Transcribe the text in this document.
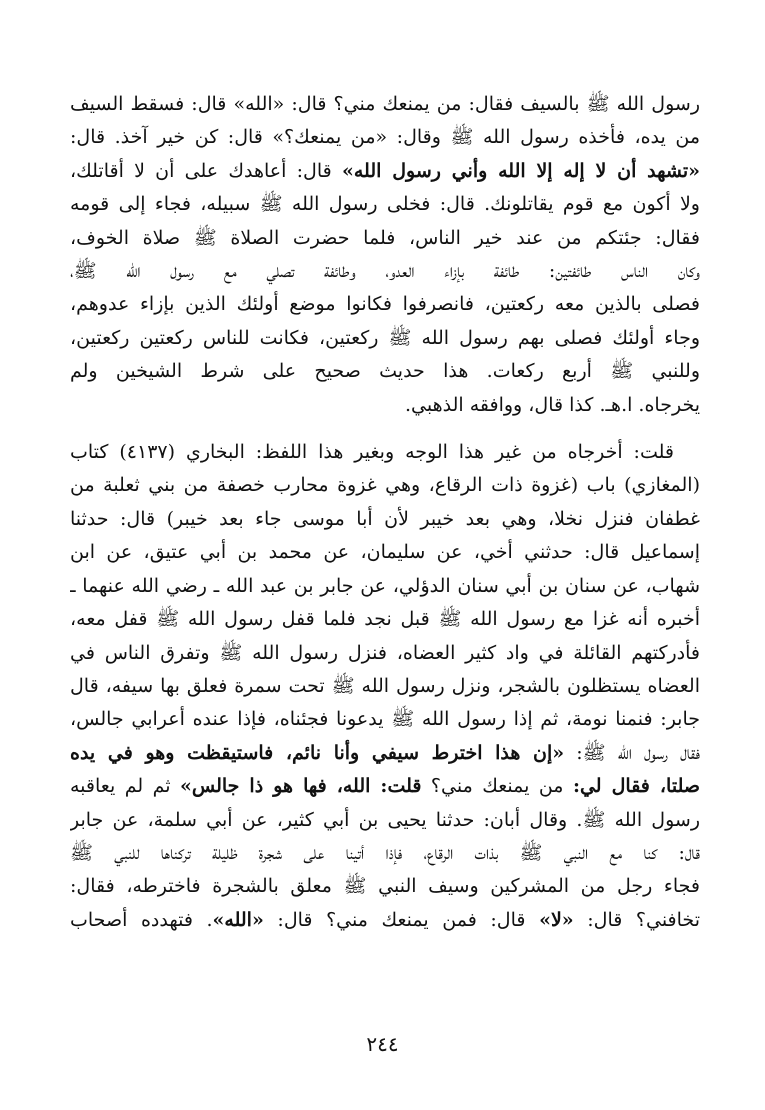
رسول الله ﷺ بالسيف فقال: من يمنعك مني؟ قال: «الله» قال: فسقط السيف
من يده، فأخذه رسول الله ﷺ وقال: «من يمنعك؟» قال: كن خير آخذ. قال:
«تشهد أن لا إله إلا الله وأني رسول الله» قال: أعاهدك على أن لا أقاتلك،
ولا أكون مع قوم يقاتلونك. قال: فخلى رسول الله ﷺ سبيله، فجاء إلى قومه
فقال: جئتكم من عند خير الناس، فلما حضرت الصلاة ﷺ صلاة الخوف،
وكان الناس طائفتين: طائفة بإزاء العدو، وطائفة تصلي مع رسول الله ﷺ،
فصلى بالذين معه ركعتين، فانصرفوا فكانوا موضع أولئك الذين بإزاء عدوهم،
وجاء أولئك فصلى بهم رسول الله ﷺ ركعتين، فكانت للناس ركعتين ركعتين،
وللنبي ﷺ أربع ركعات. هذا حديث صحيح على شرط الشيخين ولم
يخرجاه. ا.هـ. كذا قال، ووافقه الذهبي.
قلت: أخرجاه من غير هذا الوجه وبغير هذا اللفظ: البخاري (٤١٣٧) كتاب
(المغازي) باب (غزوة ذات الرقاع، وهي غزوة محارب خصفة من بني ثعلبة من
غطفان فنزل نخلا، وهي بعد خيبر لأن أبا موسى جاء بعد خيبر) قال: حدثنا
إسماعيل قال: حدثني أخي، عن سليمان، عن محمد بن أبي عتيق، عن ابن
شهاب، عن سنان بن أبي سنان الدؤلي، عن جابر بن عبد الله ـ رضي الله عنهما ـ
أخبره أنه غزا مع رسول الله ﷺ قبل نجد فلما قفل رسول الله ﷺ قفل معه،
فأدركتهم القائلة في واد كثير العضاه، فنزل رسول الله ﷺ وتفرق الناس في
العضاه يستظلون بالشجر، ونزل رسول الله ﷺ تحت سمرة فعلق بها سيفه، قال
جابر: فنمنا نومة، ثم إذا رسول الله ﷺ يدعونا فجئناه، فإذا عنده أعرابي جالس،
فقال رسول الله ﷺ: «إن هذا اخترط سيفي وأنا نائم، فاستيقظت وهو في يده
صلتا، فقال لي: من يمنعك مني؟ قلت: الله، فها هو ذا جالس» ثم لم يعاقبه
رسول الله ﷺ. وقال أبان: حدثنا يحيى بن أبي كثير، عن أبي سلمة، عن جابر
قال: كنا مع النبي ﷺ بذات الرقاع، فإذا أتينا على شجرة ظليلة تركناها للنبي ﷺ
فجاء رجل من المشركين وسيف النبي ﷺ معلق بالشجرة فاخترطه، فقال:
تخافني؟ قال: «لا» قال: فمن يمنعك مني؟ قال: «الله». فتهدده أصحاب
٢٤٤
